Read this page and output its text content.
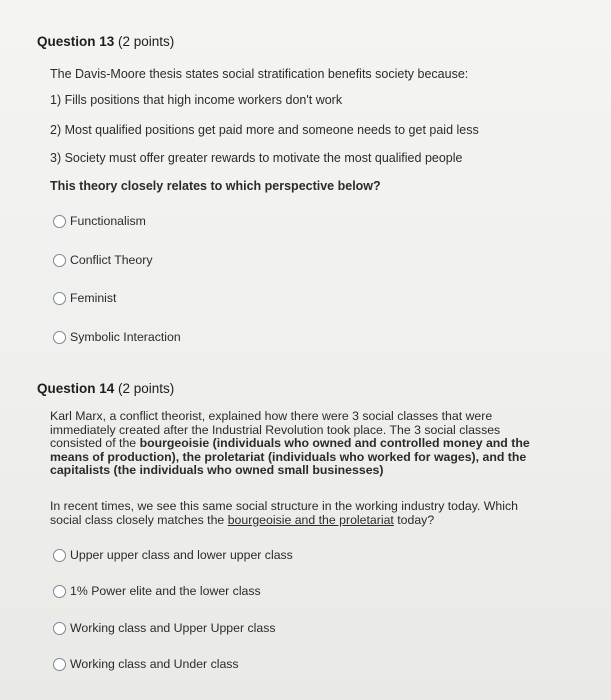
Question 13 (2 points)
The Davis-Moore thesis states social stratification benefits society because:
1) Fills positions that high income workers don't work
2) Most qualified positions get paid more and someone needs to get paid less
3) Society must offer greater rewards to motivate the most qualified people
This theory closely relates to which perspective below?
Functionalism
Conflict Theory
Feminist
Symbolic Interaction
Question 14 (2 points)
Karl Marx, a conflict theorist, explained how there were 3 social classes that were immediately created after the Industrial Revolution took place. The 3 social classes consisted of the bourgeoisie (individuals who owned and controlled money and the means of production), the proletariat (individuals who worked for wages), and the capitalists (the individuals who owned small businesses)
In recent times, we see this same social structure in the working industry today. Which social class closely matches the bourgeoisie and the proletariat today?
Upper upper class and lower upper class
1% Power elite and the lower class
Working class and Upper Upper class
Working class and Under class
